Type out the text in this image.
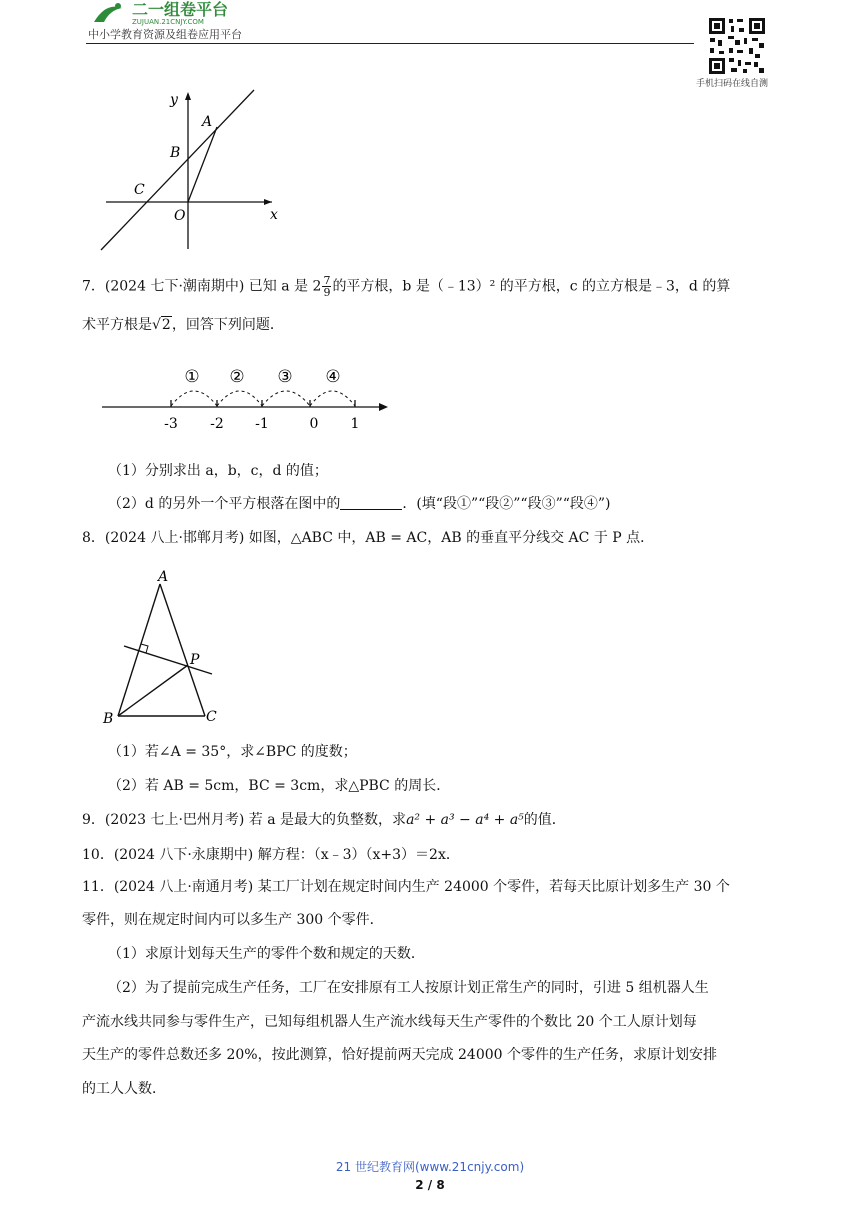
二一组卷平台
ZUJUAN.21CNJY.COM
中小学教育资源及组卷应用平台
手机扫码在线自测
y
x
A
B
C
O
7．(2024 七下·潮南期中) 已知 a 是 $2 \frac{7}{9}$ 的平方根，b 是（﹣13）² 的平方根，c 的立方根是﹣3，d 的算
术平方根是√2，回答下列问题．
① ② ③ ④
-3 -2 -1	0 1
（1）分别求出 a，b，c，d 的值；
（2）d 的另外一个平方根落在图中的	．(填“段①”“段②”“段③”“段④”)
8．(2024 八上·邯郸月考) 如图，△ABC 中，AB = AC，AB 的垂直平分线交 AC 于 P 点．
A
B	C
P
（1）若∠A = 35°，求∠BPC 的度数；
（2）若 AB = 5cm，BC = 3cm，求△PBC 的周长．
9．(2023 七上·巴州月考) 若 a 是最大的负整数，求a² + a³ − a⁴ + a⁵的值．
10．(2024 八下·永康期中) 解方程：（x﹣3）（x+3）＝2x．
11．(2024 八上·南通月考) 某工厂计划在规定时间内生产 24000 个零件，若每天比原计划多生产 30 个
零件，则在规定时间内可以多生产 300 个零件．
（1）求原计划每天生产的零件个数和规定的天数．
（2）为了提前完成生产任务，工厂在安排原有工人按原计划正常生产的同时，引进 5 组机器人生
产流水线共同参与零件生产，已知每组机器人生产流水线每天生产零件的个数比 20 个工人原计划每
天生产的零件总数还多 20%，按此测算，恰好提前两天完成 24000 个零件的生产任务，求原计划安排
的工人人数．
21 世纪教育网(www.21cnjy.com)
2 / 8
